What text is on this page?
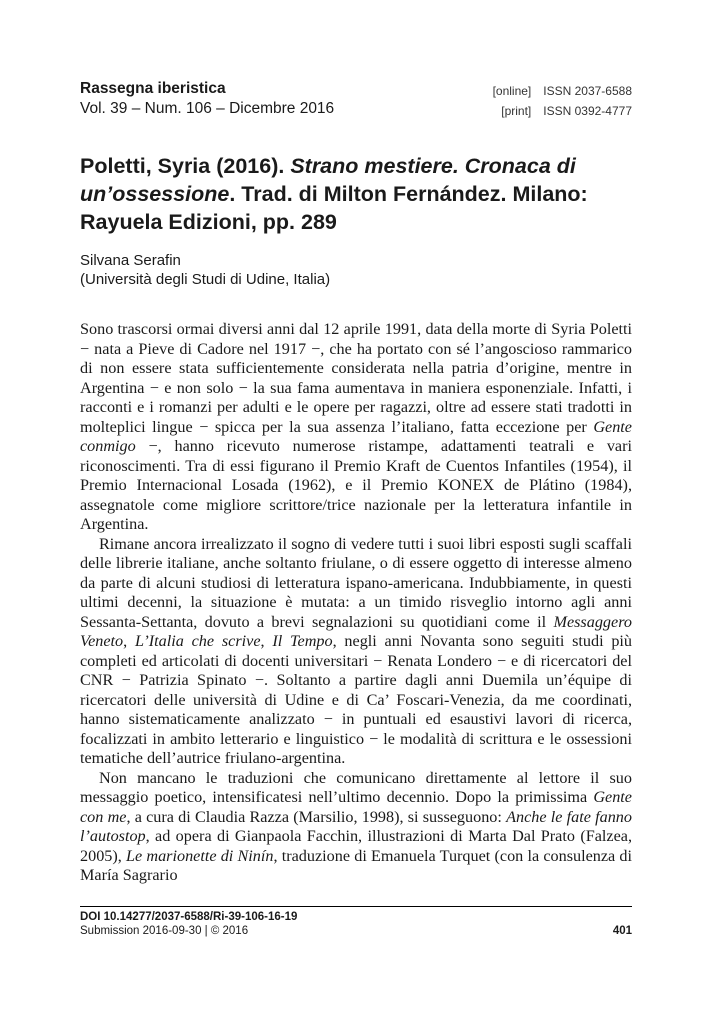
Rassegna iberistica
Vol. 39 – Num. 106 – Dicembre 2016
[online] ISSN 2037-6588
[print] ISSN 0392-4777
Poletti, Syria (2016). Strano mestiere. Cronaca di un’ossessione. Trad. di Milton Fernández. Milano: Rayuela Edizioni, pp. 289
Silvana Serafin
(Università degli Studi di Udine, Italia)

Sono trascorsi ormai diversi anni dal 12 aprile 1991, data della morte di Syria Poletti − nata a Pieve di Cadore nel 1917 −, che ha portato con sé l’angoscioso rammarico di non essere stata sufficientemente considerata nella patria d’origine, mentre in Argentina − e non solo − la sua fama aumentava in maniera esponenziale. Infatti, i racconti e i romanzi per adulti e le opere per ragazzi, oltre ad essere stati tradotti in molteplici lingue − spicca per la sua assenza l’italiano, fatta eccezione per Gente conmigo −, hanno ricevuto numerose ristampe, adattamenti teatrali e vari riconoscimenti. Tra di essi figurano il Premio Kraft de Cuentos Infantiles (1954), il Premio Internacional Losada (1962), e il Premio KONEX de Plátino (1984), assegnatole come migliore scrittore/trice nazionale per la letteratura infantile in Argentina.

Rimane ancora irrealizzato il sogno di vedere tutti i suoi libri esposti sugli scaffali delle librerie italiane, anche soltanto friulane, o di essere oggetto di interesse almeno da parte di alcuni studiosi di letteratura ispano-americana. Indubbiamente, in questi ultimi decenni, la situazione è mutata: a un timido risveglio intorno agli anni Sessanta-Settanta, dovuto a brevi segnalazioni su quotidiani come il Messaggero Veneto, L’Italia che scrive, Il Tempo, negli anni Novanta sono seguiti studi più completi ed articolati di docenti universitari − Renata Londero − e di ricercatori del CNR − Patrizia Spinato −. Soltanto a partire dagli anni Duemila un’équipe di ricercatori delle università di Udine e di Ca’ Foscari-Venezia, da me coordinati, hanno sistematicamente analizzato − in puntuali ed esaustivi lavori di ricerca, focalizzati in ambito letterario e linguistico − le modalità di scrittura e le ossessioni tematiche dell’autrice friulano-argentina.

Non mancano le traduzioni che comunicano direttamente al lettore il suo messaggio poetico, intensificatesi nell’ultimo decennio. Dopo la primissima Gente con me, a cura di Claudia Razza (Marsilio, 1998), si susseguono: Anche le fate fanno l’autostop, ad opera di Gianpaola Facchin, illustrazioni di Marta Dal Prato (Falzea, 2005), Le marionette di Ninín, traduzione di Emanuela Turquet (con la consulenza di María Sagrario

DOI 10.14277/2037-6588/Ri-39-106-16-19
Submission 2016-09-30 | © 2016	401
